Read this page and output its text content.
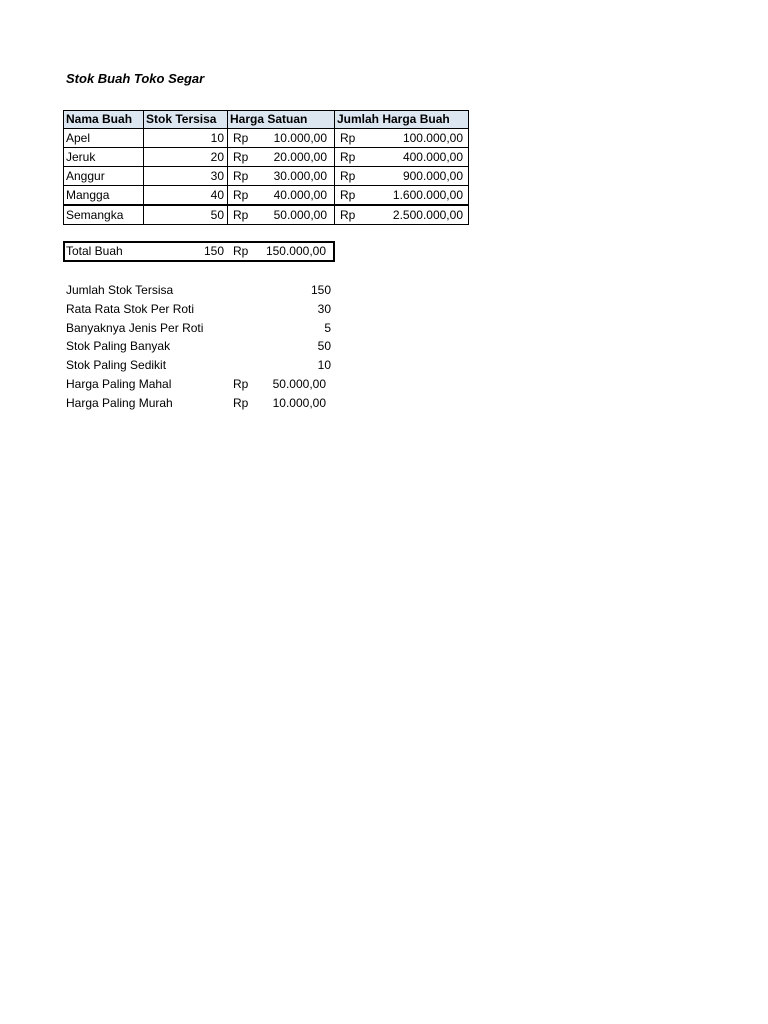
Stok Buah Toko Segar
Nama Buah	Stok Tersisa	Harga Satuan	Jumlah Harga Buah
Apel	10	Rp 10.000,00	Rp 100.000,00

Jeruk	20	Rp 20.000,00	Rp 400.000,00

Anggur	30	Rp 30.000,00	Rp 900.000,00

Mangga	40	Rp 40.000,00	Rp 1.600.000,00

Semangka	50	Rp 50.000,00	Rp 2.500.000,00
Total Buah	150 Rp 150.000,00
Jumlah Stok Tersisa	150
Rata Rata Stok Per Roti	30
Banyaknya Jenis Per Roti	5
Stok Paling Banyak	50
Stok Paling Sedikit	10
Harga Paling Mahal	Rp 50.000,00
Harga Paling Murah	Rp 10.000,00
